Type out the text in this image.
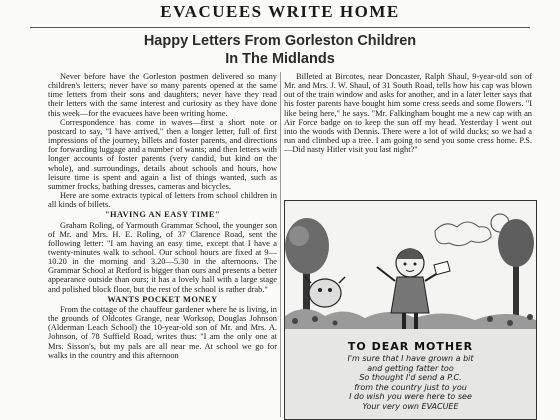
EVACUEES WRITE HOME
Happy Letters From Gorleston Children
In The Midlands

Never before have the Gorleston postmen delivered so many children's letters; never have so many parents opened at the same time letters from their sons and daughters; never have they read their letters with the same interest and curiosity as they have done this week—for the evacuees have been writing home.

Correspondence has come in waves—first a short note or postcard to say, "I have arrived," then a longer letter, full of first impressions of the journey, billets and foster parents, and directions for forwarding luggage and a number of wants; and then letters with longer accounts of foster parents (very candid, but kind on the whole), and surroundings, details about schools and hours, how leisure time is spent and again a list of things wanted, such as summer frocks, bathing dresses, cameras and bicycles.

Here are some extracts typical of letters from school children in all kinds of billets.

"HAVING AN EASY TIME"

Graham Roling, of Yarmouth Grammar School, the younger son of Mr. and Mrs. H. E. Roling, of 37 Clarence Road, sent the following letter: "I am having an easy time, except that I have a twenty-minutes walk to school. Our school hours are fixed at 9—10.20 in the morning and 3.20—5.30 in the afternoons. The Grammar School at Retford is bigger than ours and presents a better appearance outside than ours; it has a lovely hall with a large stage and polished block floor, but the rest of the school is rather drab."

WANTS POCKET MONEY

From the cottage of the chauffeur gardener where he is living, in the grounds of Oldcotes Grange, near Worksop, Douglas Johnson (Alderman Leach School) the 10-year-old son of Mr. and Mrs. A. Johnson, of 78 Suffield Road, writes thus: "I am the only one at Mrs. Sisson's, but my pals are all near me. At school we go for walks in the country and this afternoon

Billeted at Bircotes, near Doncaster, Ralph Shaul, 9-year-old son of Mr. and Mrs. J. W. Shaul, of 31 South Road, tells how his cap was blown out of the train window and asks for another, and in a later letter says that his foster parents have bought him some cress seeds and some flowers. "I like being here," he says. "Mr. Falkingham bought me a new cap with an Air Force badge on to keep the sun off my head. Yesterday I went out into the woods with Dennis. There were a lot of wild ducks; so we had a run and climbed up a tree. I am going to send you some cress home. P.S.—Did nasty Hitler visit you last night?"

TO DEAR MOTHER
I'm sure that I have grown a bit
and getting fatter too
So thought I'd send a P.C.
from the country just to you
I do wish you were here to see
Your very own EVACUEE
